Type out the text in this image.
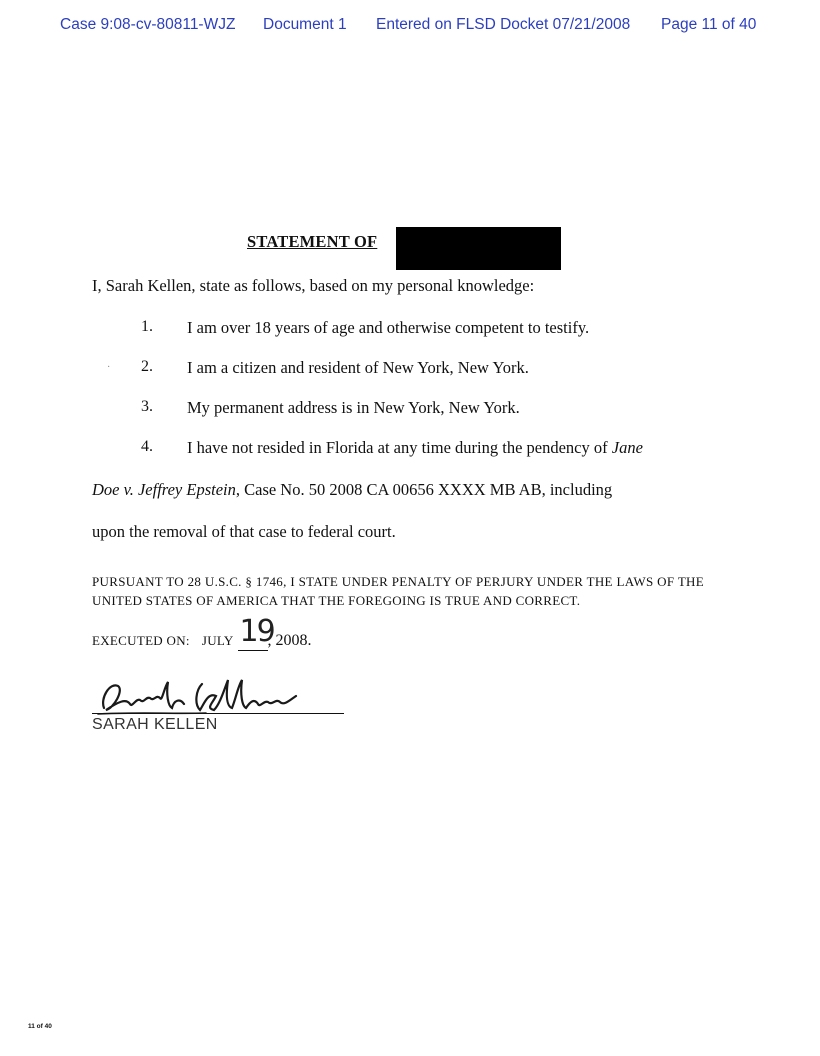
Case 9:08-cv-80811-WJZ Document 1 Entered on FLSD Docket 07/21/2008 Page 11 of 40
STATEMENT OF
I, Sarah Kellen, state as follows, based on my personal knowledge:
·
1. I am over 18 years of age and otherwise competent to testify.
2. I am a citizen and resident of New York, New York.
3. My permanent address is in New York, New York.
4. I have not resided in Florida at any time during the pendency of Jane
Doe v. Jeffrey Epstein, Case No. 50 2008 CA 00656 XXXX MB AB, including
upon the removal of that case to federal court.
PURSUANT TO 28 U.S.C. § 1746, I STATE UNDER PENALTY OF PERJURY UNDER THE LAWS OF THE UNITED STATES OF AMERICA THAT THE FOREGOING IS TRUE AND CORRECT.
EXECUTED ON: JULY 19
, 2008.
SARAH KELLEN
11 of 40
